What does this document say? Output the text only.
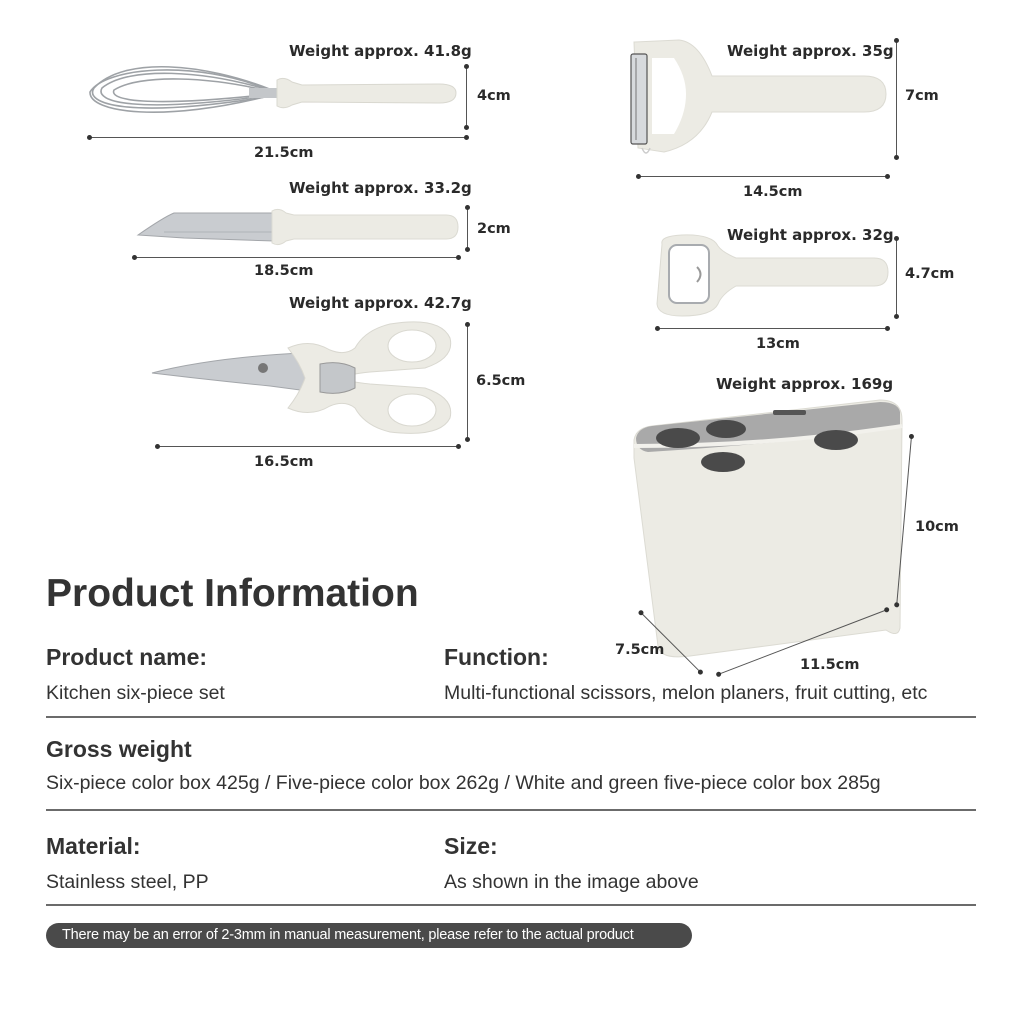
Weight approx. 41.8g
4cm
21.5cm
Weight approx. 35g
7cm
14.5cm
Weight approx. 33.2g
2cm
18.5cm
Weight approx. 32g
4.7cm
13cm
Weight approx. 42.7g
6.5cm
16.5cm
Weight approx. 169g
10cm
7.5cm
11.5cm
Product Information
Product name:
Kitchen six-piece set
Function:
Multi-functional scissors, melon planers, fruit cutting, etc
Gross weight
Six-piece color box 425g / Five-piece color box 262g / White and green five-piece color box 285g
Material:
Stainless steel, PP
Size:
As shown in the image above
There may be an error of 2-3mm in manual measurement, please refer to the actual product
